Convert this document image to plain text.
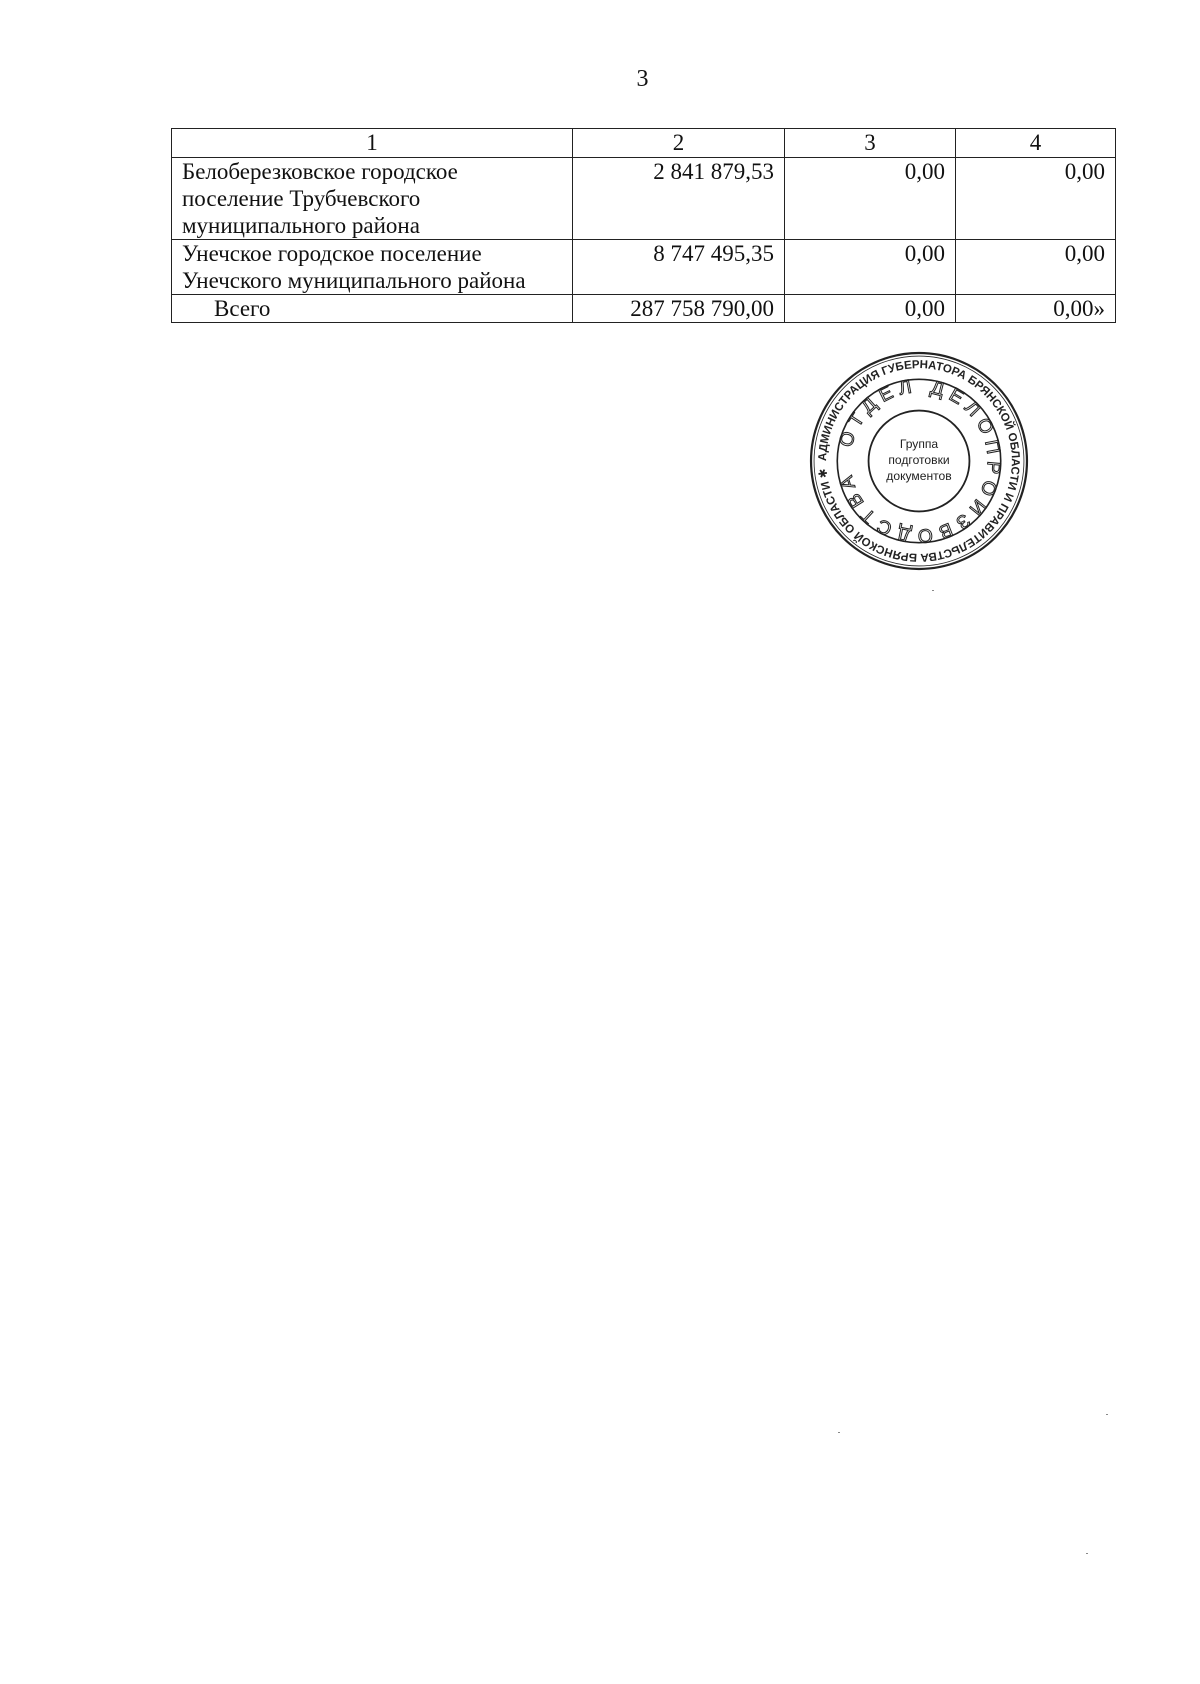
3
1	2	3	4

Белоберезковское городское
поселение Трубчевского
муниципального района	2 841 879,53	0,00	0,00

Унечское городское поселение
Унечского муниципального района	8 747 495,35	0,00	0,00
Всего	287 758 790,00	0,00	0,00»
АДМИНИСТРАЦИЯ ГУБЕРНАТОРА БРЯНСКОЙ ОБЛАСТИ И ПРАВИТЕЛЬСТВА БРЯНСКОЙ ОБЛАСТИ ✱
ОТДЕЛ ДЕЛОПРОИЗВОДСТВА
Группа
подготовки
документов
